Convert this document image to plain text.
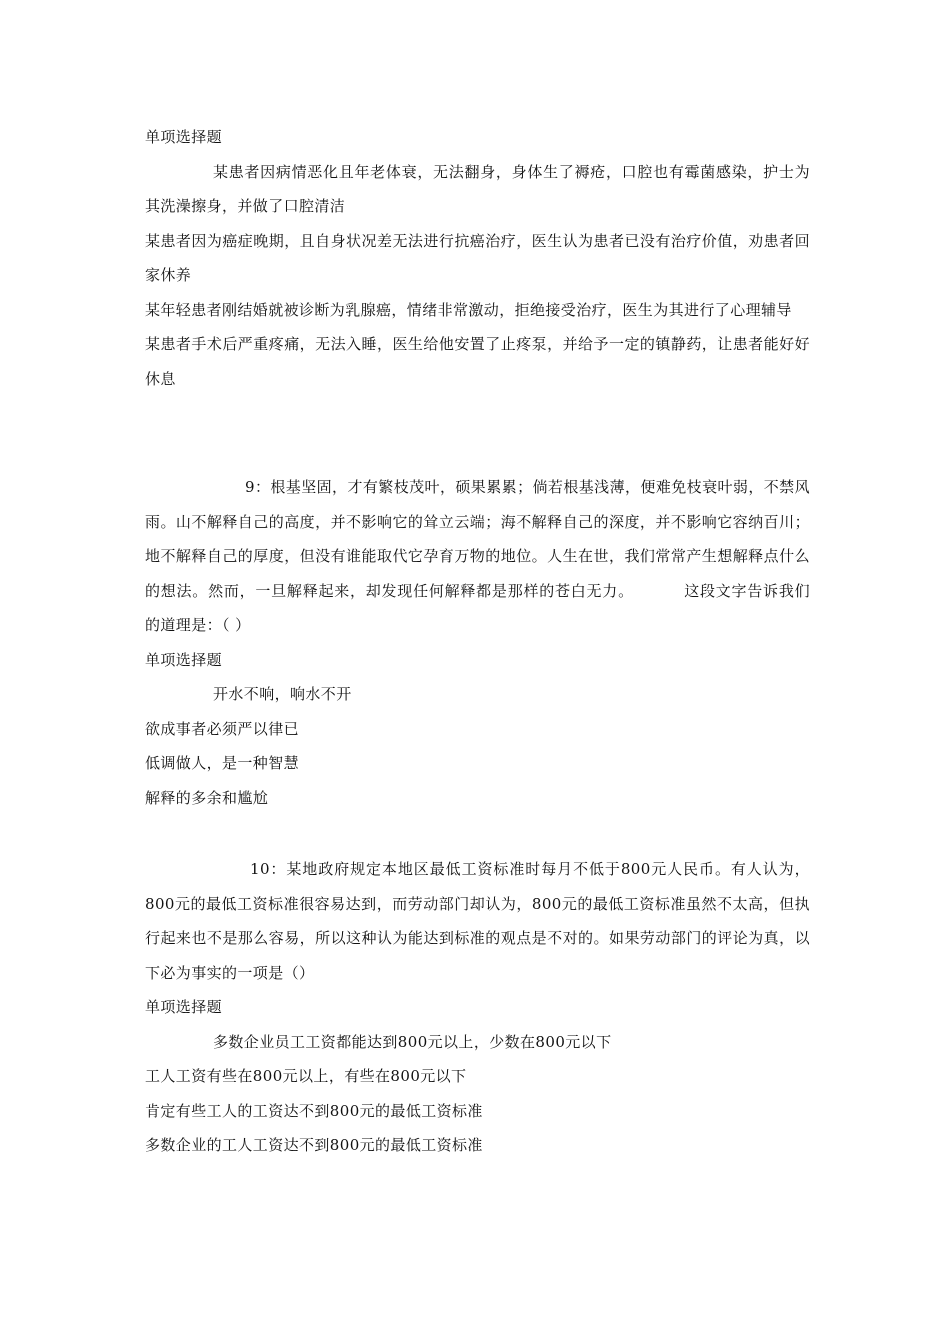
单项选择题
某患者因病情恶化且年老体衰，无法翻身，身体生了褥疮，口腔也有霉菌感染，护士为其洗澡擦身，并做了口腔清洁
某患者因为癌症晚期，且自身状况差无法进行抗癌治疗，医生认为患者已没有治疗价值，劝患者回家休养
某年轻患者刚结婚就被诊断为乳腺癌，情绪非常激动，拒绝接受治疗，医生为其进行了心理辅导
某患者手术后严重疼痛，无法入睡，医生给他安置了止疼泵，并给予一定的镇静药，让患者能好好休息
9：根基坚固，才有繁枝茂叶，硕果累累；倘若根基浅薄，便难免枝衰叶弱，不禁风雨。山不解释自己的高度，并不影响它的耸立云端；海不解释自己的深度，并不影响它容纳百川；地不解释自己的厚度，但没有谁能取代它孕育万物的地位。人生在世，我们常常产生想解释点什么的想法。然而，一旦解释起来，却发现任何解释都是那样的苍白无力。	这段文字告诉我们的道理是：（ ）
单项选择题
开水不响，响水不开
欲成事者必须严以律已
低调做人，是一种智慧
解释的多余和尴尬
10：某地政府规定本地区最低工资标准时每月不低于800元人民币。有人认为，800元的最低工资标准很容易达到，而劳动部门却认为，800元的最低工资标准虽然不太高，但执行起来也不是那么容易，所以这种认为能达到标准的观点是不对的。如果劳动部门的评论为真，以下必为事实的一项是（）
单项选择题
多数企业员工工资都能达到800元以上，少数在800元以下
工人工资有些在800元以上，有些在800元以下
肯定有些工人的工资达不到800元的最低工资标准
多数企业的工人工资达不到800元的最低工资标准
